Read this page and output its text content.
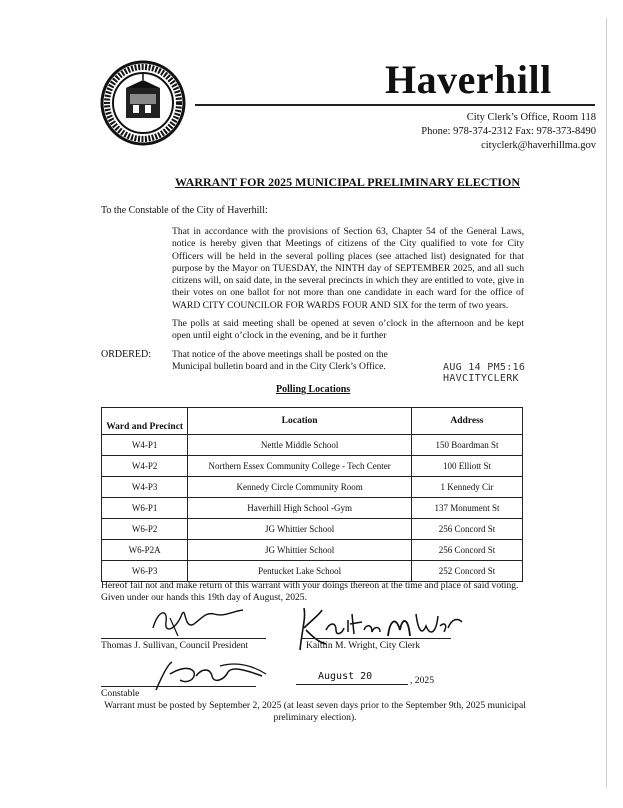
Haverhill
City Clerk’s Office, Room 118
Phone: 978-374-2312 Fax: 978-373-8490
cityclerk@haverhillma.gov
WARRANT FOR 2025 MUNICIPAL PRELIMINARY ELECTION
To the Constable of the City of Haverhill:
That in accordance with the provisions of Section 63, Chapter 54 of the General Laws, notice is hereby given that Meetings of citizens of the City qualified to vote for City Officers will be held in the several polling places (see attached list) designated for that purpose by the Mayor on TUESDAY, the NINTH day of SEPTEMBER 2025, and all such citizens will, on said date, in the several precincts in which they are entitled to vote, give in their votes on one ballot for not more than one candidate in each ward for the office of WARD CITY COUNCILOR FOR WARDS FOUR AND SIX for the term of two years.
The polls at said meeting shall be opened at seven o’clock in the afternoon and be kept open until eight o’clock in the evening, and be it further
ORDERED: That notice of the above meetings shall be posted on the Municipal bulletin board and in the City Clerk’s Office.	AUG 14 PM5:16
HAVCITYCLERK
Polling Locations
Ward and Precinct	Location	Address
W4-P1	Nettle Middle School	150 Boardman St
W4-P2	Northern Essex Community College - Tech Center	100 Elliott St
W4-P3	Kennedy Circle Community Room	1 Kennedy Cir
W6-P1	Haverhill High School -Gym	137 Monument St
W6-P2	JG Whittier School	256 Concord St
W6-P2A	JG Whittier School	256 Concord St
W6-P3	Pentucket Lake School	252 Concord St
Hereof fail not and make return of this warrant with your doings thereon at the time and place of said voting. Given under our hands this 19th day of August, 2025.
Thomas J. Sullivan, Council President	Kaitlin M. Wright, City Clerk
Constable
August 20	, 2025
Warrant must be posted by September 2, 2025 (at least seven days prior to the September 9th, 2025 municipal preliminary election).
